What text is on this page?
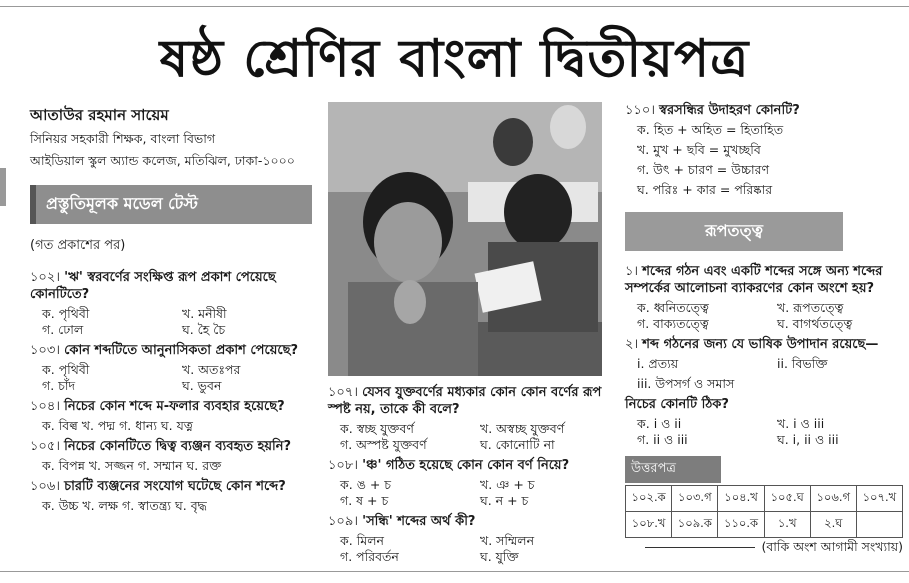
ষষ্ঠ শ্রেণির বাংলা দ্বিতীয়পত্র
আতাউর রহমান সায়েম
সিনিয়র সহকারী শিক্ষক, বাংলা বিভাগ
আইডিয়াল স্কুল অ্যান্ড কলেজ, মতিঝিল, ঢাকা-১০০০
প্রস্তুতিমূলক মডেল টেস্ট
(গত প্রকাশের পর)
১০২। 'ঋ' স্বরবর্ণের সংক্ষিপ্ত রূপ প্রকাশ পেয়েছে কোনটিতে?
ক. পৃথিবী	খ. মনীষী
গ. ঢোল	ঘ. হৈ চৈ
১০৩। কোন শব্দটিতে আনুনাসিকতা প্রকাশ পেয়েছে?
ক. পৃথিবী	খ. অতঃপর
গ. চাঁদ	ঘ. ভুবন
১০৪। নিচের কোন শব্দে ম-ফলার ব্যবহার হয়েছে?
ক. বিল্ব খ. পদ্ম গ. ধান্য ঘ. যত্ন
১০৫। নিচের কোনটিতে দ্বিত্ব ব্যঞ্জন ব্যবহৃত হয়নি?
ক. বিপন্ন খ. সজ্জন গ. সম্মান ঘ. রক্ত
১০৬। চারটি ব্যঞ্জনের সংযোগ ঘটেছে কোন শব্দে?
ক. উচ্চ খ. লক্ষ গ. স্বাতন্ত্র্য ঘ. বৃদ্ধ
১০৭। যেসব যুক্তবর্ণের মধ্যকার কোন কোন বর্ণের রূপ স্পষ্ট নয়, তাকে কী বলে?
ক. স্বচ্ছ যুক্তবর্ণ	খ. অস্বচ্ছ যুক্তবর্ণ
গ. অস্পষ্ট যুক্তবর্ণ	ঘ. কোনোটি না
১০৮। 'ঞ্চ' গঠিত হয়েছে কোন কোন বর্ণ নিয়ে?
ক. ঙ + চ	খ. ঞ + চ
গ. ষ + চ	ঘ. ন + চ
১০৯। 'সন্ধি' শব্দের অর্থ কী?
ক. মিলন	খ. সম্মিলন
গ. পরিবর্তন	ঘ. যুক্তি
১১০। স্বরসন্ধির উদাহরণ কোনটি?
ক. হিত + অহিত = হিতাহিত
খ. মুখ + ছবি = মুখচ্ছবি
গ. উৎ + চারণ = উচ্চারণ
ঘ. পরিঃ + কার = পরিষ্কার
রূপতত্ত্ব
১। শব্দের গঠন এবং একটি শব্দের সঙ্গে অন্য শব্দের সম্পর্কের আলোচনা ব্যাকরণের কোন অংশে হয়?
ক. ধ্বনিতত্ত্বে	খ. রূপতত্ত্বে
গ. বাক্যতত্ত্বে	ঘ. বাগর্থতত্ত্বে
২। শব্দ গঠনের জন্য যে ভাষিক উপাদান রয়েছে—
i. প্রত্যয়	ii. বিভক্তি
iii. উপসর্গ ও সমাস
নিচের কোনটি ঠিক?
ক. i ও ii	খ. i ও iii
গ. ii ও iii	ঘ. i, ii ও iii
উত্তরপত্র
১০২.ক	১০৩.গ	১০৪.খ	১০৫.ঘ	১০৬.গ	১০৭.খ
১০৮.খ	১০৯.ক	১১০.ক	১.খ	২.ঘ	
(বাকি অংশ আগামী সংখ্যায়)
